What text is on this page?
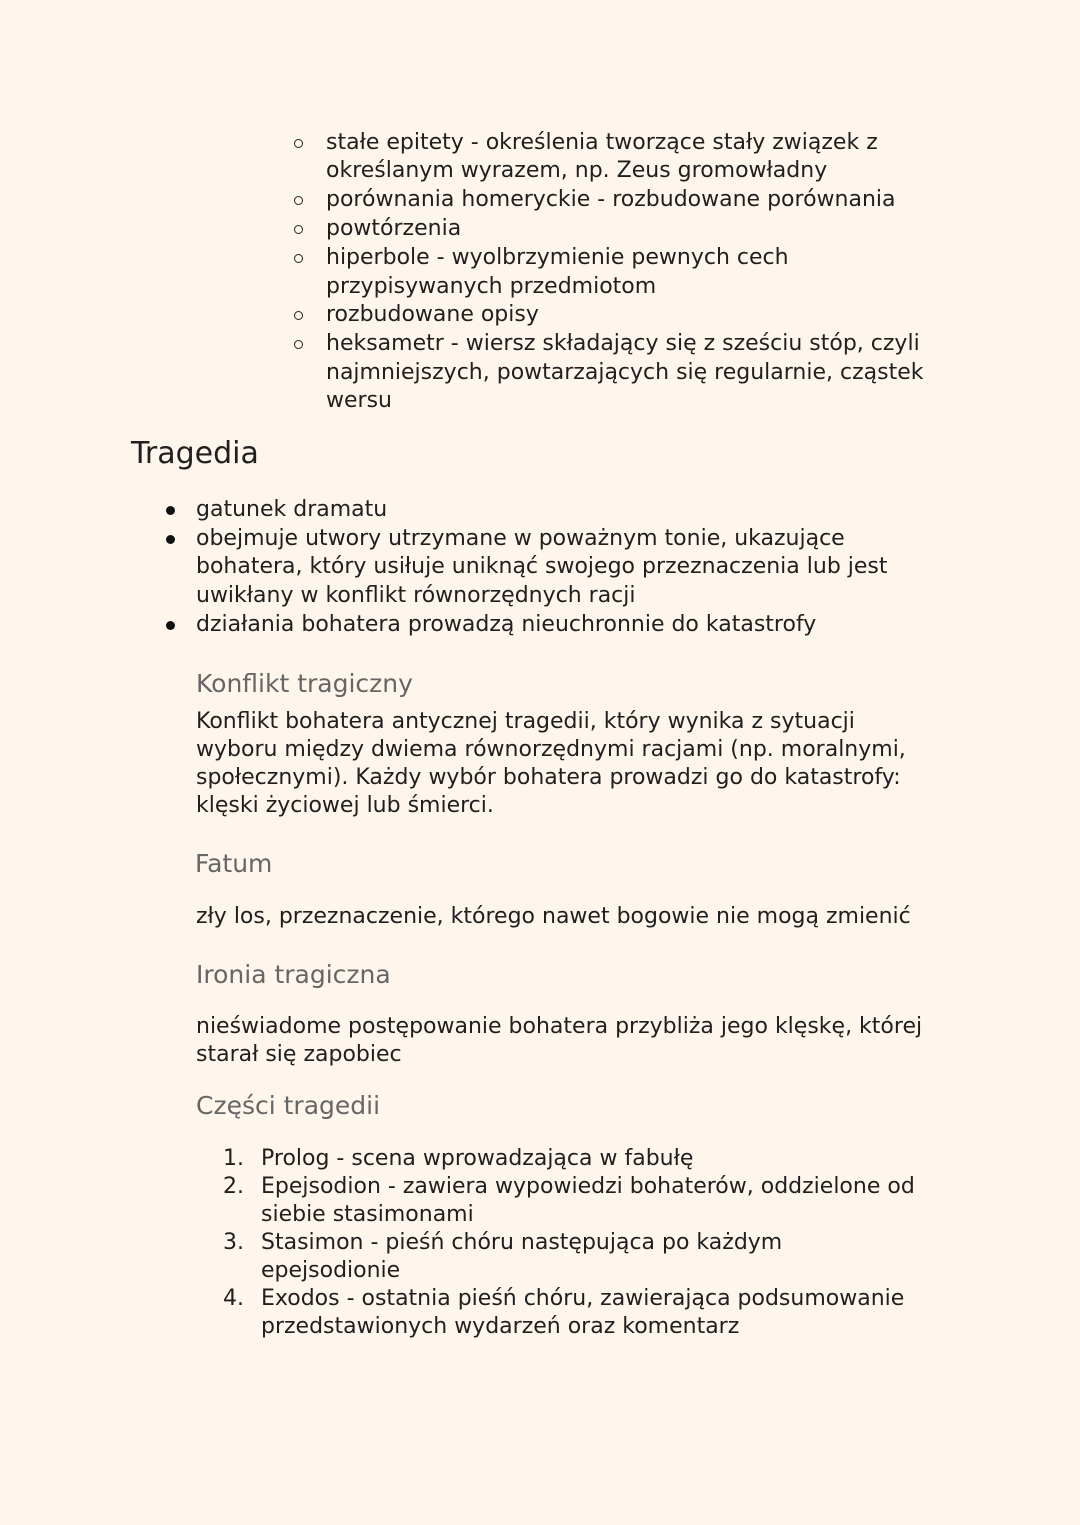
stałe epitety - określenia tworzące stały związek z
określanym wyrazem, np. Zeus gromowładny
porównania homeryckie - rozbudowane porównania
powtórzenia
hiperbole - wyolbrzymienie pewnych cech
przypisywanych przedmiotom
rozbudowane opisy
heksametr - wiersz składający się z sześciu stóp, czyli
najmniejszych, powtarzających się regularnie, cząstek
wersu
Tragedia
gatunek dramatu
obejmuje utwory utrzymane w poważnym tonie, ukazujące
bohatera, który usiłuje uniknąć swojego przeznaczenia lub jest
uwikłany w konflikt równorzędnych racji
działania bohatera prowadzą nieuchronnie do katastrofy
Konflikt tragiczny
Konflikt bohatera antycznej tragedii, który wynika z sytuacji
wyboru między dwiema równorzędnymi racjami (np. moralnymi,
społecznymi). Każdy wybór bohatera prowadzi go do katastrofy:
klęski życiowej lub śmierci.
Fatum
zły los, przeznaczenie, którego nawet bogowie nie mogą zmienić
Ironia tragiczna
nieświadome postępowanie bohatera przybliża jego klęskę, której
starał się zapobiec
Części tragedii
1. Prolog - scena wprowadzająca w fabułę
2. Epejsodion - zawiera wypowiedzi bohaterów, oddzielone od
siebie stasimonami
3. Stasimon - pieśń chóru następująca po każdym
epejsodionie
4. Exodos - ostatnia pieśń chóru, zawierająca podsumowanie
przedstawionych wydarzeń oraz komentarz
